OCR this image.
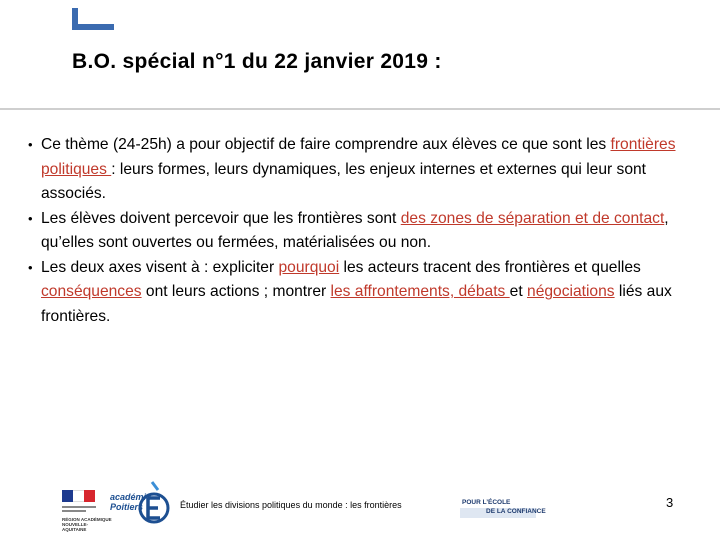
B.O. spécial n°1 du 22 janvier 2019 :
• Ce thème (24-25h) a pour objectif de faire comprendre aux élèves ce que sont les frontières politiques : leurs formes, leurs dynamiques, les enjeux internes et externes qui leur sont associés.
• Les élèves doivent percevoir que les frontières sont des zones de séparation et de contact, qu’elles sont ouvertes ou fermées, matérialisées ou non.
• Les deux axes visent à : expliciter pourquoi les acteurs tracent des frontières et quelles conséquences ont leurs actions ; montrer les affrontements, débats et négociations liés aux frontières.
RÉGION ACADÉMIQUE NOUVELLE-AQUITAINE
académie
Poitiers	Étudier les divisions politiques du monde : les frontières	POUR L’ÉCOLE
DE LA CONFIANCE
3
